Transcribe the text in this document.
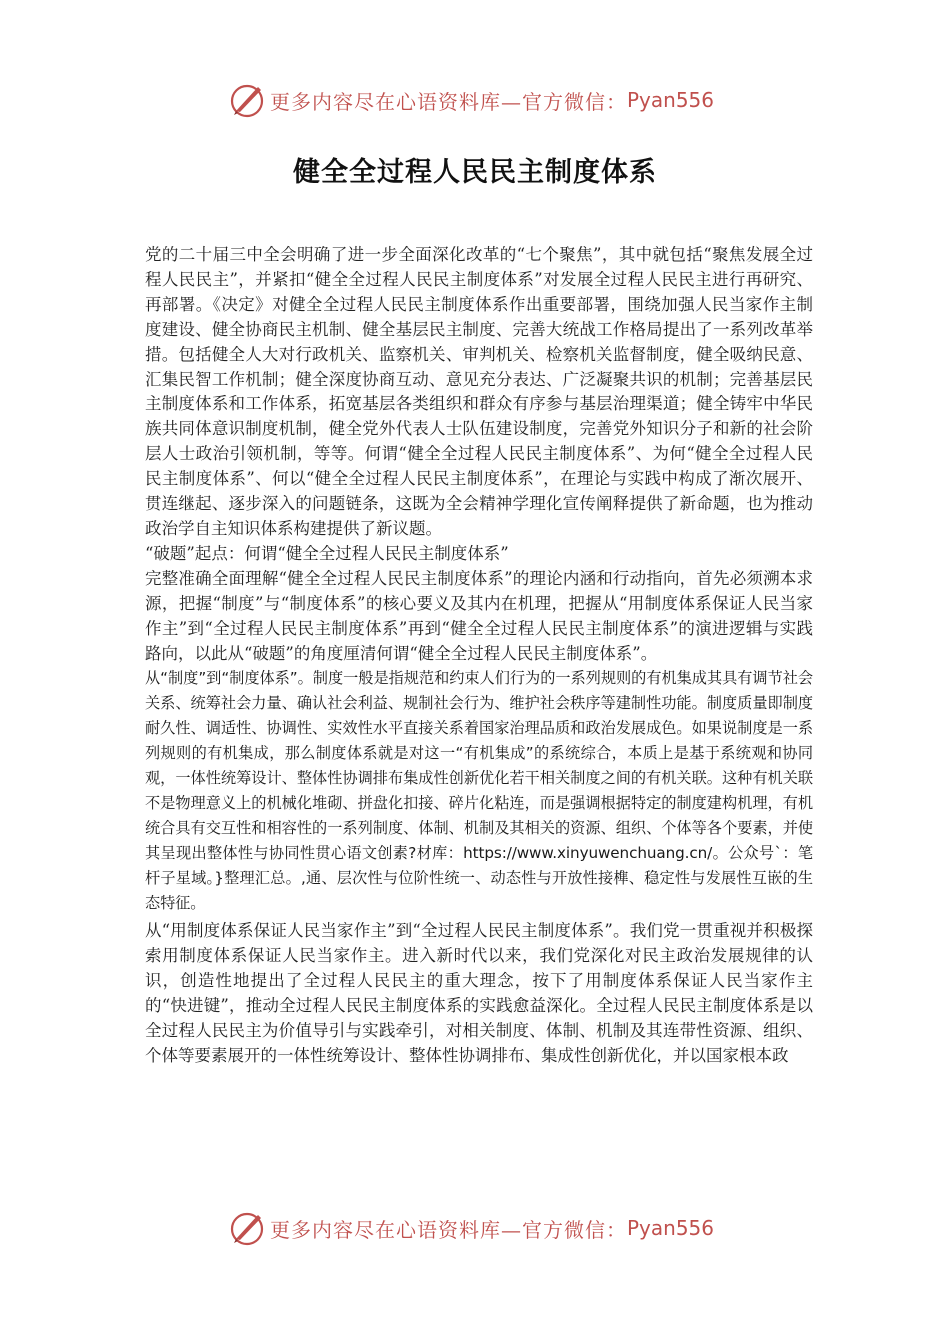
更多内容尽在心语资料库—官方微信： Pyan556
健全全过程人民民主制度体系

党的二十届三中全会明确了进一步全面深化改革的“七个聚焦”，其中就包括“聚焦发展全过程人民民主”，并紧扣“健全全过程人民民主制度体系”对发展全过程人民民主进行再研究、再部署。《决定》对健全全过程人民民主制度体系作出重要部署，围绕加强人民当家作主制度建设、健全协商民主机制、健全基层民主制度、完善大统战工作格局提出了一系列改革举措。包括健全人大对行政机关、监察机关、审判机关、检察机关监督制度，健全吸纳民意、汇集民智工作机制；健全深度协商互动、意见充分表达、广泛凝聚共识的机制；完善基层民主制度体系和工作体系，拓宽基层各类组织和群众有序参与基层治理渠道；健全铸牢中华民族共同体意识制度机制，健全党外代表人士队伍建设制度，完善党外知识分子和新的社会阶层人士政治引领机制，等等。何谓“健全全过程人民民主制度体系”、为何“健全全过程人民民主制度体系”、何以“健全全过程人民民主制度体系”，在理论与实践中构成了渐次展开、贯连继起、逐步深入的问题链条，这既为全会精神学理化宣传阐释提供了新命题，也为推动政治学自主知识体系构建提供了新议题。

“破题”起点：何谓“健全全过程人民民主制度体系”

完整准确全面理解“健全全过程人民民主制度体系”的理论内涵和行动指向，首先必须溯本求源，把握“制度”与“制度体系”的核心要义及其内在机理，把握从“用制度体系保证人民当家作主”到“全过程人民民主制度体系”再到“健全全过程人民民主制度体系”的演进逻辑与实践路向，以此从“破题”的角度厘清何谓“健全全过程人民民主制度体系”。

从“制度”到“制度体系”。制度一般是指规范和约束人们行为的一系列规则的有机集成其具有调节社会关系、统筹社会力量、确认社会利益、规制社会行为、维护社会秩序等建制性功能。制度质量即制度耐久性、调适性、协调性、实效性水平直接关系着国家治理品质和政治发展成色。如果说制度是一系列规则的有机集成，那么制度体系就是对这一“有机集成”的系统综合，本质上是基于系统观和协同观，一体性统筹设计、整体性协调排布集成性创新优化若干相关制度之间的有机关联。这种有机关联不是物理意义上的机械化堆砌、拼盘化扣接、碎片化粘连，而是强调根据特定的制度建构机理，有机统合具有交互性和相容性的一系列制度、体制、机制及其相关的资源、组织、个体等各个要素，并使其呈现出整体性与协同性贯心语文创素?材库：https://www.xinyuwenchuang.cn/。公众号`：笔杆子星域。}整理汇总。,通、层次性与位阶性统一、动态性与开放性接榫、稳定性与发展性互嵌的生态特征。

从“用制度体系保证人民当家作主”到“全过程人民民主制度体系”。我们党一贯重视并积极探索用制度体系保证人民当家作主。进入新时代以来，我们党深化对民主政治发展规律的认识，创造性地提出了全过程人民民主的重大理念，按下了用制度体系保证人民当家作主的“快进键”，推动全过程人民民主制度体系的实践愈益深化。全过程人民民主制度体系是以全过程人民民主为价值导引与实践牵引，对相关制度、体制、机制及其连带性资源、组织、个体等要素展开的一体性统筹设计、整体性协调排布、集成性创新优化，并以国家根本政

更多内容尽在心语资料库—官方微信： Pyan556
